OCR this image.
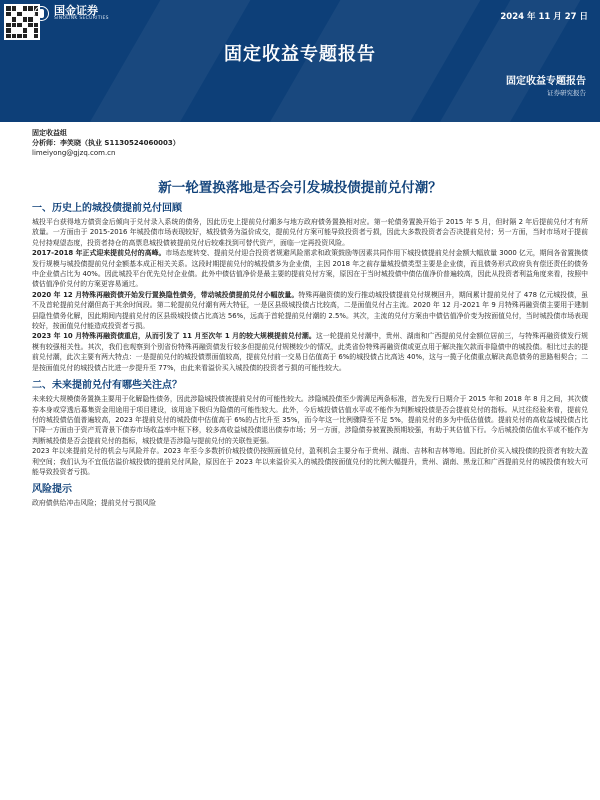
国金证券
SINOLINK SECURITIES	2024 年 11 月 27 日
固定收益专题报告
固定收益专题报告
证券研究报告
固定收益组
分析师：李笑晓（执业 S1130524060003）
limeiyong@gjzq.com.cn
新一轮置换落地是否会引发城投债提前兑付潮？
一、历史上的城投债提前兑付回顾

城投平台获得地方债资金后倾向于兑付录入系统的债务，因此历史上提前兑付潮多与地方政府债务置换相对应。第一轮债务置换开始于 2015 年 5 月，但时隔 2 年后提前兑付才有所放量。一方面由于 2015-2016 年城投债市场表现较好，城投债务为溢价成交，提前兑付方案可能导致投资者亏损，因此大多数投资者会否决提前兑付；另一方面，当时市场对于提前兑付持观望态度，投资者持仓的高票息城投债被提前兑付后较难找到可替代资产，面临一定再投资风险。

2017-2018 年正式迎来提前兑付的高峰。市场态度转变、提前兑付迎合投资者规避风险需求和政策鼓励等因素共同作用下城投债提前兑付金额大幅放量 3000 亿元，期间各省置换债发行规模与城投债提前兑付金额基本成正相关关系。这段时期提前兑付的城投债多为企业债，主因 2018 年之前存量城投债类型主要是企业债，而且债务形式政府负有偿还责任的债务中企业债占比为 40%。因此城投平台优先兑付企业债。此外中债估值净价是最主要的提前兑付方案，原因在于当时城投债中债估值净价普遍较高，因此从投资者利益角度来看，按照中债估值净价兑付的方案更容易通过。

2020 年 12 月特殊再融资债开始发行置换隐性债务，带动城投债提前兑付小幅放量。特殊再融资债的发行推动城投债提前兑付规模回升，期间累计提前兑付了 478 亿元城投债，虽不及首轮提前兑付潮但高于其余时间段。第二轮提前兑付潮有两大特征，一是区县级城投债占比较高，二是面值兑付占主流。2020 年 12 月-2021 年 9 月特殊再融资债主要用于建制县隐性债务化解，因此期间内提前兑付的区县级城投债占比高达 56%，远高于首轮提前兑付潮的 2.5%。其次，主流的兑付方案由中债估值净价变为按面值兑付，当时城投债市场表现较好，按面值兑付能造成投资者亏损。

2023 年 10 月特殊再融资债重启，从而引发了 11 月至次年 1 月的较大规模提前兑付潮。这一轮提前兑付潮中，贵州、湖南和广西提前兑付金额位居前三，与特殊再融资债发行规模有较强相关性。其次，我们也观察到个别省份特殊再融资债发行较多但提前兑付规模较少的情况，此类省份特殊再融资债或更点用于解决拖欠款而非隐债中的城投债。相比过去的提前兑付潮，此次主要有两大特点：一是提前兑付的城投债票面值较高，提前兑付前一交易日估值高于 6%的城投债占比高达 40%，这与一揽子化债重点解决高息债务的思路相契合；二是按面值兑付的城投债占比进一步提升至 77%，由此来看溢价买入城投债的投资者亏损的可能性较大。

二、未来提前兑付有哪些关注点？

未来较大规模债务置换主要用于化解隐性债务，因此涉隐城投债被提前兑付的可能性较大。涉隐城投债至少需满足两条标准，首先发行日期介于 2015 年和 2018 年 8 月之间，其次债券本身或穿透后募集资金用途用于项目建设，该用途下极归为隐债的可能性较大。此外，今后城投债估值水平或不能作为判断城投债是否会提前兑付的指标。从过往经验来看，提前兑付的城投债估值普遍较高，2023 年提前兑付的城投债中估值高于 6%的占比升至 35%，而今年这一比例骤降至不足 5%，提前兑付的多为中低估值债。提前兑付的高收益城投债占比下降一方面由于资产荒背景下债券市场收益率中枢下移，较多高收益城投债退出债券市场；另一方面，涉隐债券被置换预期较强，有助于其估值下行。今后城投债估值水平或不能作为判断城投债是否会提前兑付的指标，城投债是否涉隐与提前兑付的关联性更强。

2023 年以来提前兑付的机会与风险并存。2023 年至今多数折价城投债仍按照面值兑付，盈利机会主要分布于贵州、湖南、吉林和吉林等地。因此折价买入城投债的投资者有较大盈利空间；我们认为不宜低估溢价城投债的提前兑付风险，原因在于 2023 年以来溢价买入的城投债按面值兑付的比例大幅提升，贵州、湖南、黑龙江和广西提前兑付的城投债有较大可能导致投资者亏损。

风险提示

政府债供给冲击风险；提前兑付亏损风险
